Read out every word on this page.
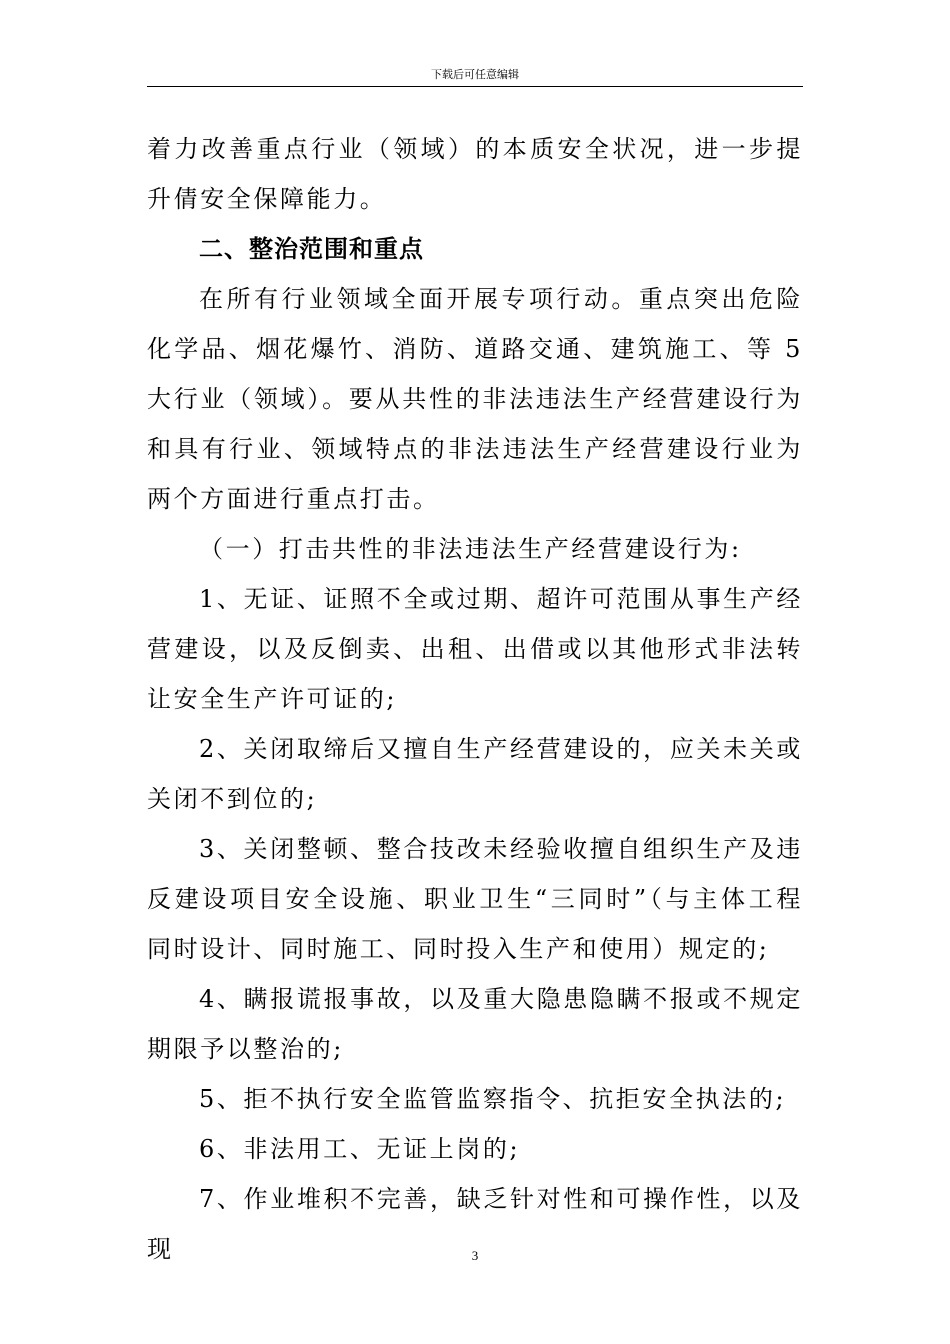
下载后可任意编辑

着力改善重点行业（领域）的本质安全状况，进一步提升倩安全保障能力。

二、整治范围和重点

在所有行业领域全面开展专项行动。重点突出危险化学品、烟花爆竹、消防、道路交通、建筑施工、等 5 大行业（领域）。要从共性的非法违法生产经营建设行为和具有行业、领域特点的非法违法生产经营建设行业为两个方面进行重点打击。

（一）打击共性的非法违法生产经营建设行为:

1、无证、证照不全或过期、超许可范围从事生产经营建设，以及反倒卖、出租、出借或以其他形式非法转让安全生产许可证的;

2、关闭取缔后又擅自生产经营建设的，应关未关或关闭不到位的;

3、关闭整顿、整合技改未经验收擅自组织生产及违反建设项目安全设施、职业卫生“三同时”（与主体工程同时设计、同时施工、同时投入生产和使用）规定的;

4、瞒报谎报事故，以及重大隐患隐瞒不报或不规定期限予以整治的;

5、拒不执行安全监管监察指令、抗拒安全执法的;

6、非法用工、无证上岗的;

7、作业堆积不完善，缺乏针对性和可操作性，以及现	3
